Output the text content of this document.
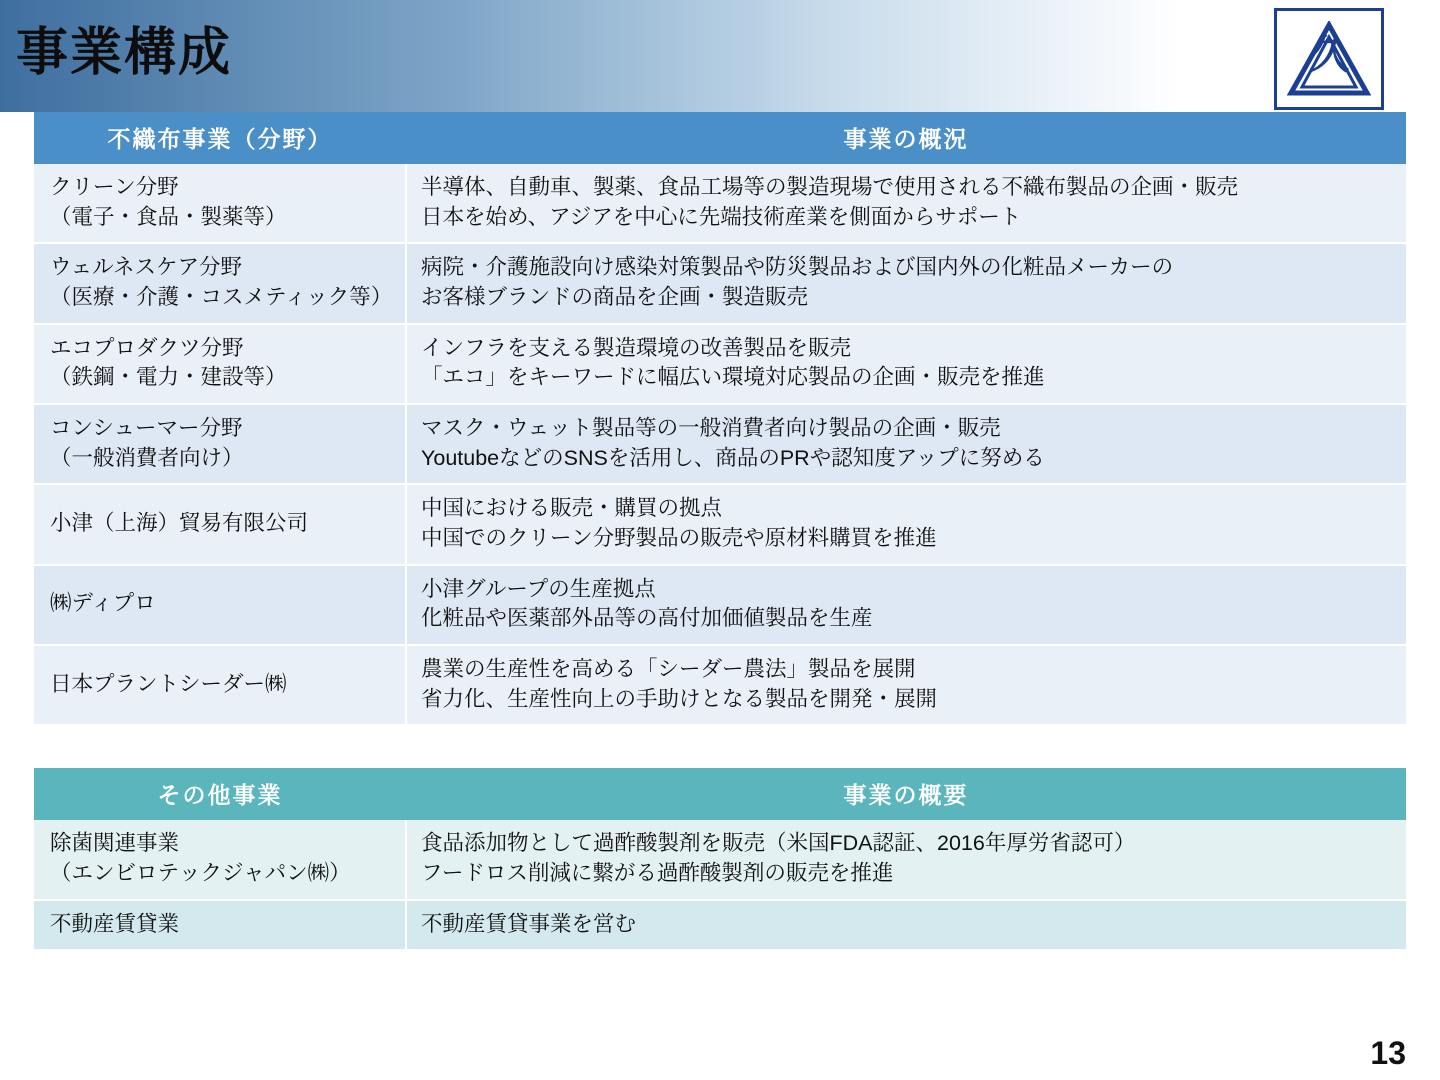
事業構成	久
不織布事業（分野）	事業の概況

クリーン分野
（電子・食品・製薬等）	半導体、自動車、製薬、食品工場等の製造現場で使用される不織布製品の企画・販売
日本を始め、アジアを中心に先端技術産業を側面からサポート

ウェルネスケア分野
（医療・介護・コスメティック等）	病院・介護施設向け感染対策製品や防災製品および国内外の化粧品メーカーの
お客様ブランドの商品を企画・製造販売

エコプロダクツ分野
（鉄鋼・電力・建設等）	インフラを支える製造環境の改善製品を販売
「エコ」をキーワードに幅広い環境対応製品の企画・販売を推進

コンシューマー分野
（一般消費者向け）	マスク・ウェット製品等の一般消費者向け製品の企画・販売
YoutubeなどのSNSを活用し、商品のPRや認知度アップに努める

小津（上海）貿易有限公司	中国における販売・購買の拠点
中国でのクリーン分野製品の販売や原材料購買を推進

㈱ディプロ	小津グループの生産拠点
化粧品や医薬部外品等の高付加価値製品を生産

日本プラントシーダー㈱	農業の生産性を高める「シーダー農法」製品を展開
省力化、生産性向上の手助けとなる製品を開発・展開
その他事業	事業の概要

除菌関連事業
（エンビロテックジャパン㈱）	食品添加物として過酢酸製剤を販売（米国FDA認証、2016年厚労省認可）
フードロス削減に繋がる過酢酸製剤の販売を推進

不動産賃貸業	不動産賃貸事業を営む
13
